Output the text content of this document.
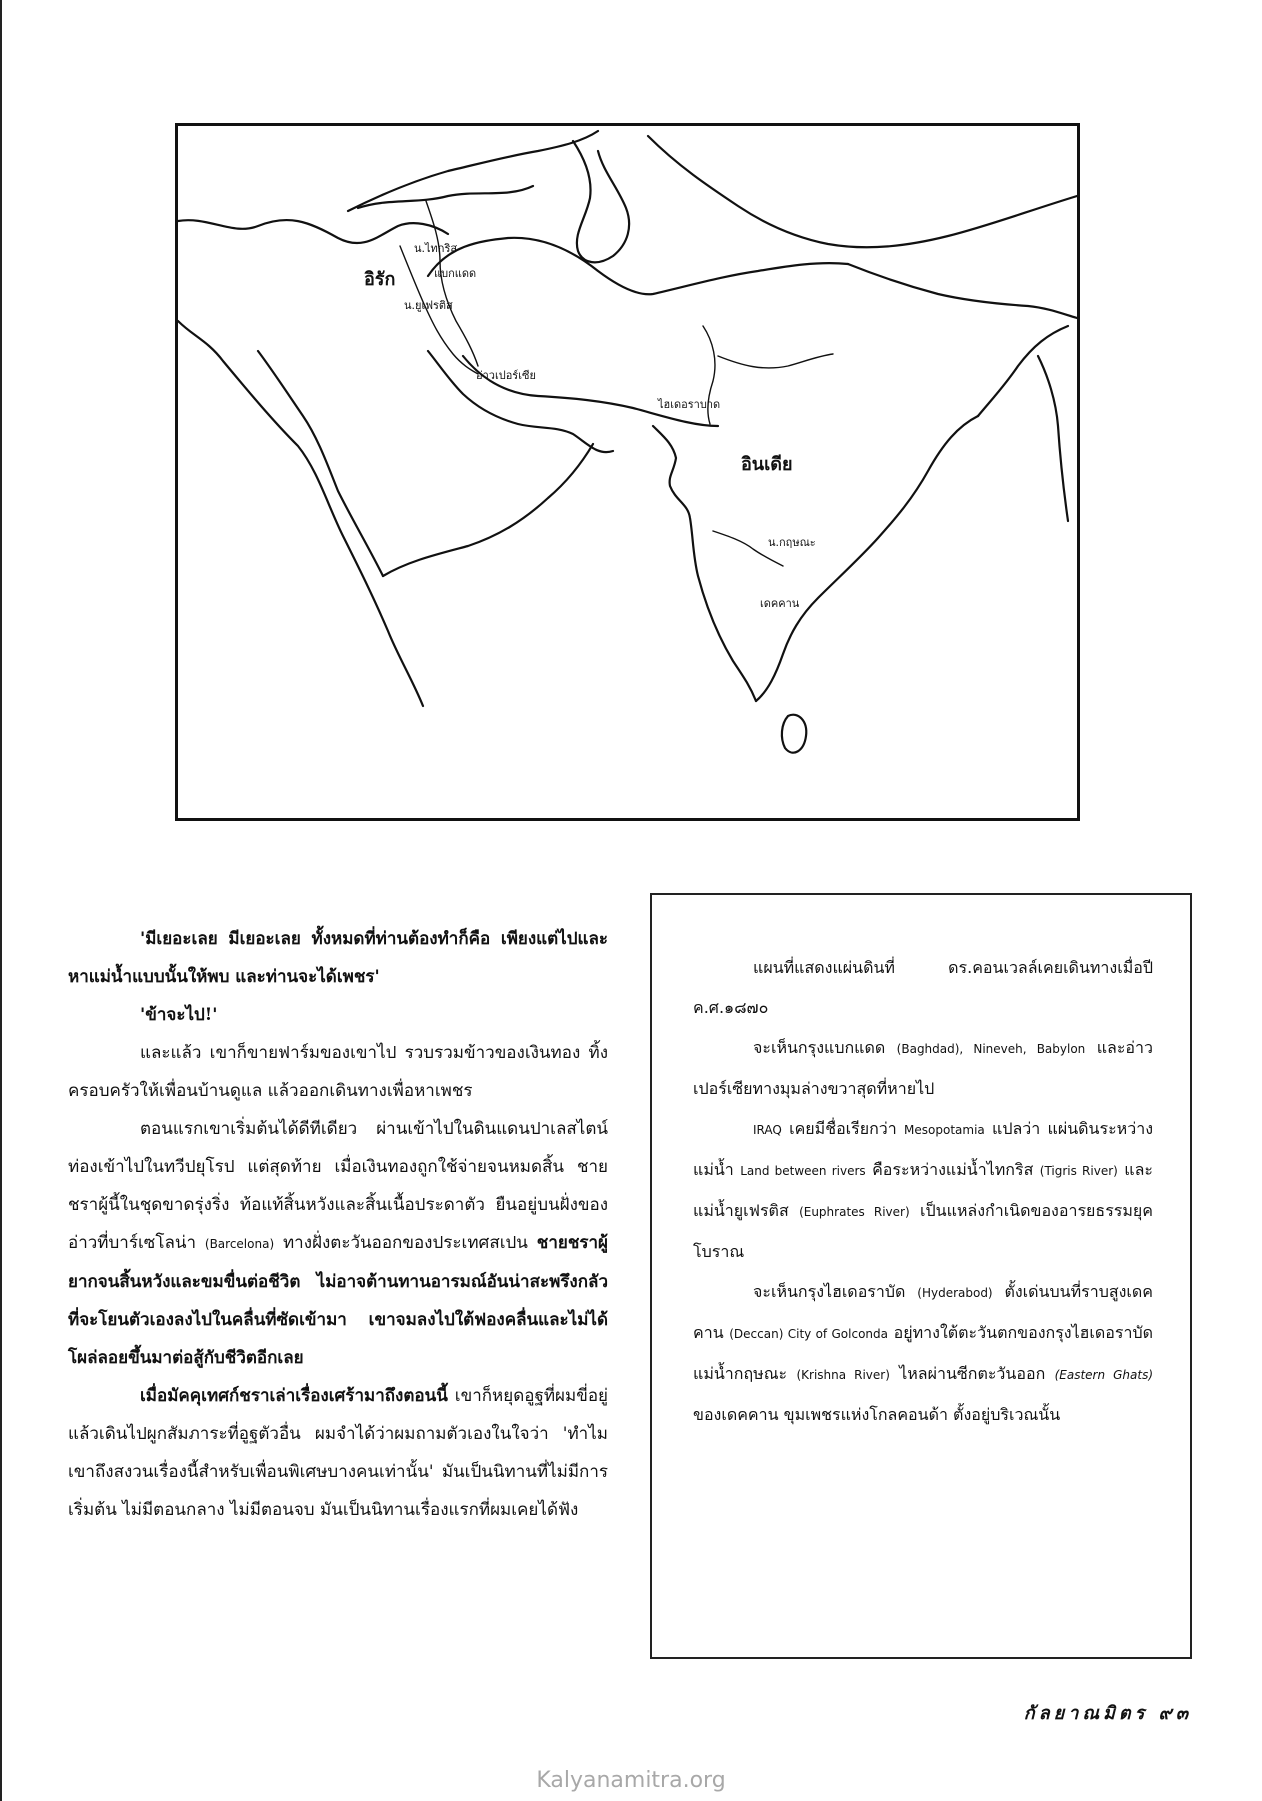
น.ไทกริส
แบกแดด
อิรัก
น.ยูเฟรติส
อ่าวเปอร์เซีย
ไฮเดอราบาด
อินเดีย
น.กฤษณะ
เดคคาน

'มีเยอะเลย มีเยอะเลย ทั้งหมดที่ท่านต้องทำก็คือ เพียงแต่ไปและหาแม่น้ำแบบนั้นให้พบ และท่านจะได้เพชร'

'ข้าจะไป!'

และแล้ว เขาก็ขายฟาร์มของเขาไป รวบรวมข้าวของเงินทอง ทิ้งครอบครัวให้เพื่อนบ้านดูแล แล้วออกเดินทางเพื่อหาเพชร

ตอนแรกเขาเริ่มต้นได้ดีทีเดียว ผ่านเข้าไปในดินแดนปาเลสไตน์ ท่องเข้าไปในทวีปยุโรป แต่สุดท้าย เมื่อเงินทองถูกใช้จ่ายจนหมดสิ้น ชายชราผู้นี้ในชุดขาดรุ่งริ่ง ท้อแท้สิ้นหวังและสิ้นเนื้อประดาตัว ยืนอยู่บนฝั่งของอ่าวที่บาร์เซโลน่า (Barcelona) ทางฝั่งตะวันออกของประเทศสเปน ชายชราผู้ยากจนสิ้นหวังและขมขื่นต่อชีวิต ไม่อาจต้านทานอารมณ์อันน่าสะพรึงกลัวที่จะโยนตัวเองลงไปในคลื่นที่ซัดเข้ามา เขาจมลงไปใต้ฟองคลื่นและไม่ได้โผล่ลอยขึ้นมาต่อสู้กับชีวิตอีกเลย

เมื่อมัคคุเทศก์ชราเล่าเรื่องเศร้ามาถึงตอนนี้ เขาก็หยุดอูฐที่ผมขี่อยู่ แล้วเดินไปผูกสัมภาระที่อูฐตัวอื่น ผมจำได้ว่าผมถามตัวเองในใจว่า 'ทำไมเขาถึงสงวนเรื่องนี้สำหรับเพื่อนพิเศษบางคนเท่านั้น' มันเป็นนิทานที่ไม่มีการเริ่มต้น ไม่มีตอนกลาง ไม่มีตอนจบ มันเป็นนิทานเรื่องแรกที่ผมเคยได้ฟัง

แผนที่แสดงแผ่นดินที่ ดร.คอนเวลล์เคยเดินทางเมื่อปี ค.ศ.๑๘๗๐

จะเห็นกรุงแบกแดด (Baghdad), Nineveh, Babylon และอ่าวเปอร์เซียทางมุมล่างขวาสุดที่หายไป

IRAQ เคยมีชื่อเรียกว่า Mesopotamia แปลว่า แผ่นดินระหว่างแม่น้ำ Land between rivers คือระหว่างแม่น้ำไทกริส (Tigris River) และแม่น้ำยูเฟรติส (Euphrates River) เป็นแหล่งกำเนิดของอารยธรรมยุคโบราณ

จะเห็นกรุงไฮเดอราบัด (Hyderabod) ตั้งเด่นบนที่ราบสูงเดคคาน (Deccan) City of Golconda อยู่ทางใต้ตะวันตกของกรุงไฮเดอราบัด แม่น้ำกฤษณะ (Krishna River) ไหลผ่านซีกตะวันออก (Eastern Ghats) ของเดคคาน ขุมเพชรแห่งโกลคอนด้า ตั้งอยู่บริเวณนั้น

กัลยาณมิตร ๙๓
Kalyanamitra.org
